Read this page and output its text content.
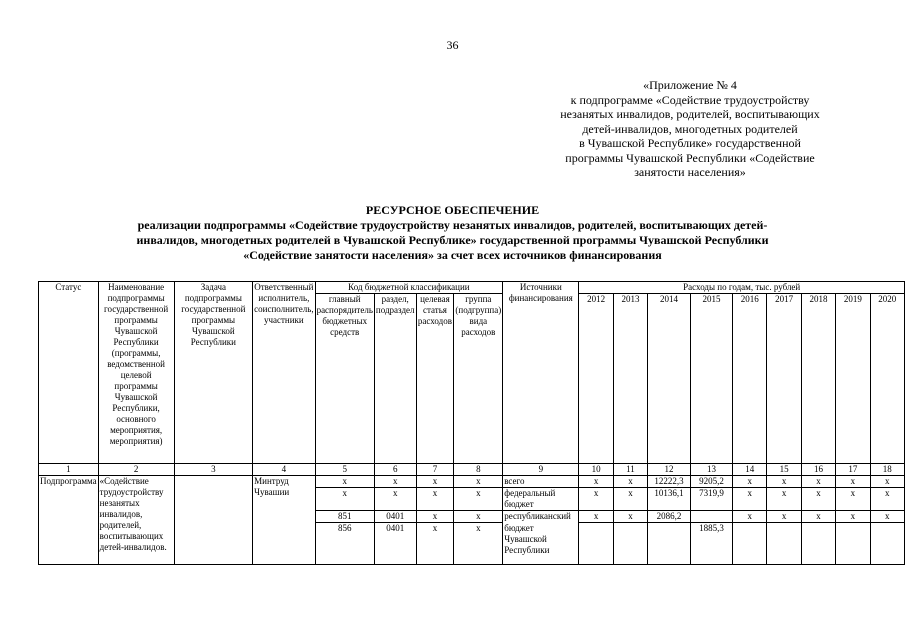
36
«Приложение № 4
к подпрограмме «Содействие трудоустройству
незанятых инвалидов, родителей, воспитывающих
детей-инвалидов, многодетных родителей
в Чувашской Республике» государственной
программы Чувашской Республики «Содействие
занятости населения»
РЕСУРСНОЕ ОБЕСПЕЧЕНИЕ
реализации подпрограммы «Содействие трудоустройству незанятых инвалидов, родителей, воспитывающих детей-
инвалидов, многодетных родителей в Чувашской Республике» государственной программы Чувашской Республики
«Содействие занятости населения» за счет всех источников финансирования
Статус	Наименование подпрограммы государственной программы Чувашской Республики (программы, ведомственной целевой программы Чувашской Республики, основного мероприятия, мероприятия)	Задача подпрограммы государственной программы Чувашской Республики	Ответственный исполнитель, соисполнитель, участники	Код бюджетной классификации				Источники финансирования	Расходы по годам, тыс. рублей								
				главный распорядитель бюджетных средств	раздел, подраздел	целевая статья расходов	группа (подгруппа) вида расходов		2012	2013	2014	2015	2016	2017	2018	2019	2020
1	2	3	4	5	6	7	8	9	10	11	12	13	14	15	16	17	18
Подпрограмма	«Содействие трудоустройству незанятых инвалидов, родителей, воспитывающих детей-инвалидов.		Минтруд Чувашии	x	x	x	x	всего	x	x	12222,3	9205,2	x	x	x	x	x
				x	x	x	x	федеральный бюджет	x	x	10136,1	7319,9	x	x	x	x	x
				851	0401	x	x	республиканский	x	x	2086,2		x	x	x	x	x
				856	0401	x	x	бюджет Чувашской Республики				1885,3					
